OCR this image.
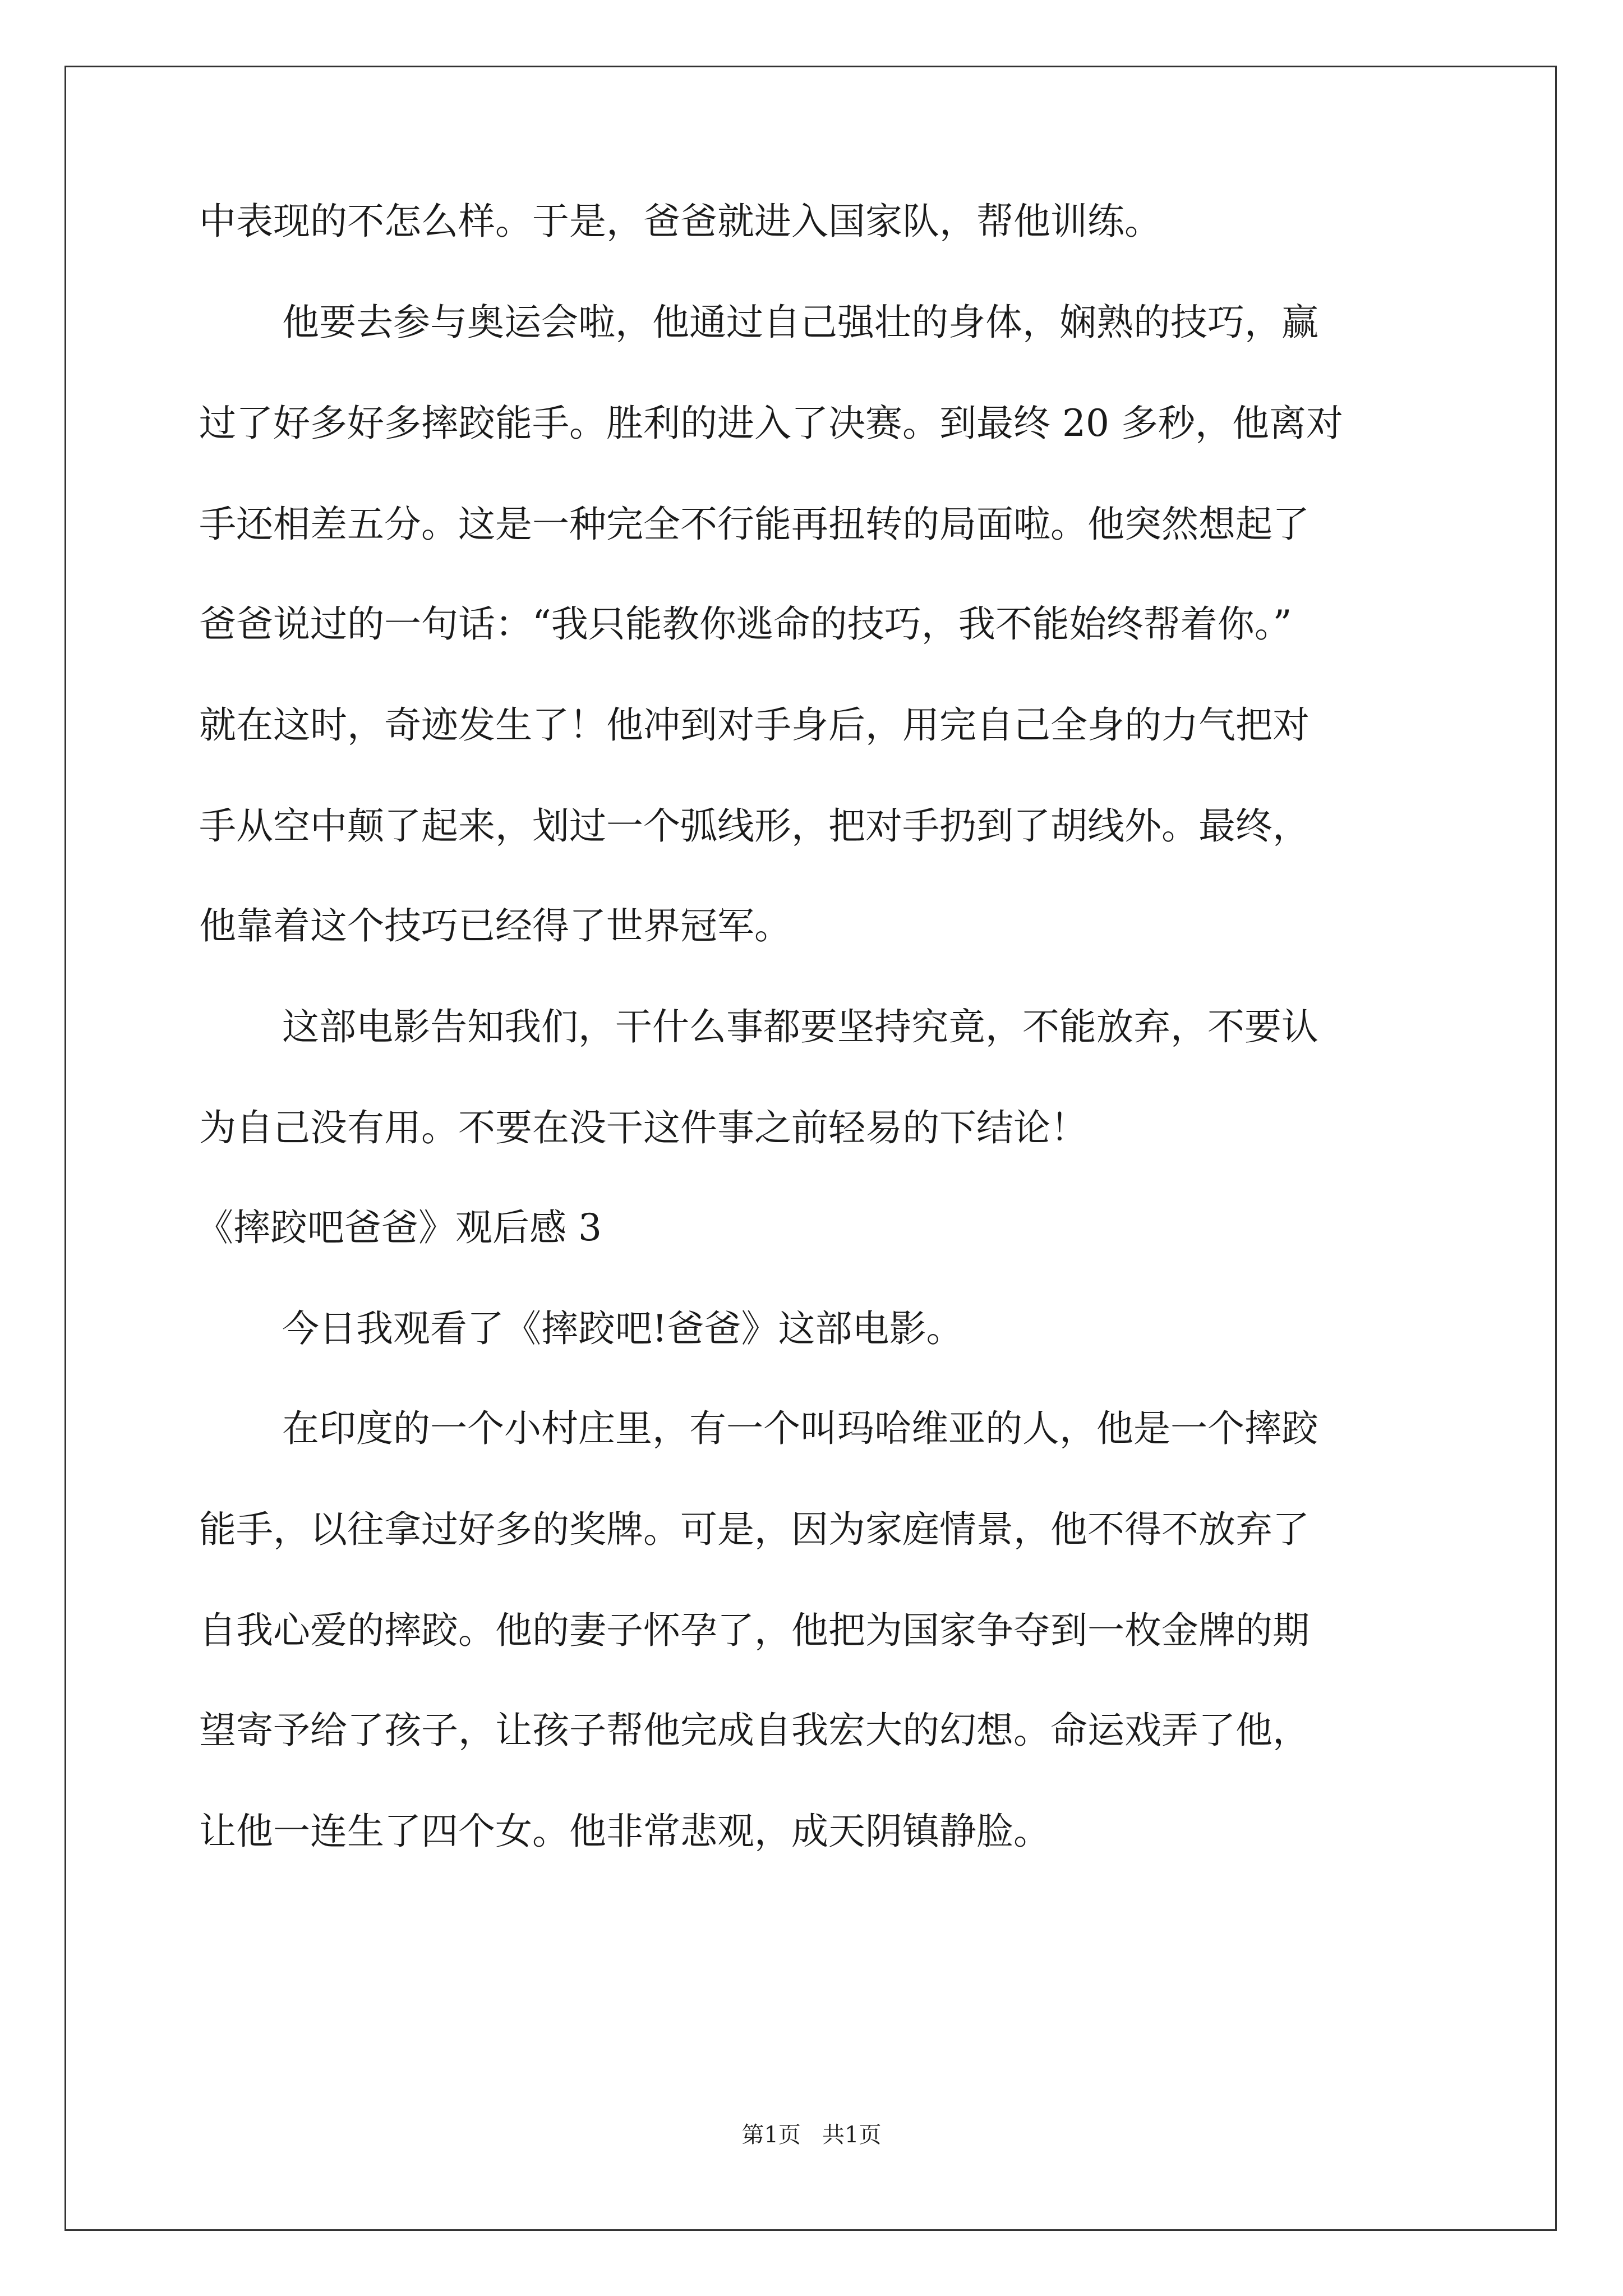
中表现的不怎么样。于是，爸爸就进入国家队，帮他训练。
他要去参与奥运会啦，他通过自己强壮的身体，娴熟的技巧，赢
过了好多好多摔跤能手。胜利的进入了决赛。到最终 20 多秒，他离对
手还相差五分。这是一种完全不行能再扭转的局面啦。他突然想起了
爸爸说过的一句话：“我只能教你逃命的技巧，我不能始终帮着你。”
就在这时，奇迹发生了！他冲到对手身后，用完自己全身的力气把对
手从空中颠了起来，划过一个弧线形，把对手扔到了胡线外。最终，
他靠着这个技巧已经得了世界冠军。
这部电影告知我们，干什么事都要坚持究竟，不能放弃，不要认
为自己没有用。不要在没干这件事之前轻易的下结论！
《摔跤吧爸爸》观后感 3
今日我观看了《摔跤吧!爸爸》这部电影。
在印度的一个小村庄里，有一个叫玛哈维亚的人，他是一个摔跤
能手，以往拿过好多的奖牌。可是，因为家庭情景，他不得不放弃了
自我心爱的摔跤。他的妻子怀孕了，他把为国家争夺到一枚金牌的期
望寄予给了孩子，让孩子帮他完成自我宏大的幻想。命运戏弄了他，
让他一连生了四个女。他非常悲观，成天阴镇静脸。
第1页   共1页
